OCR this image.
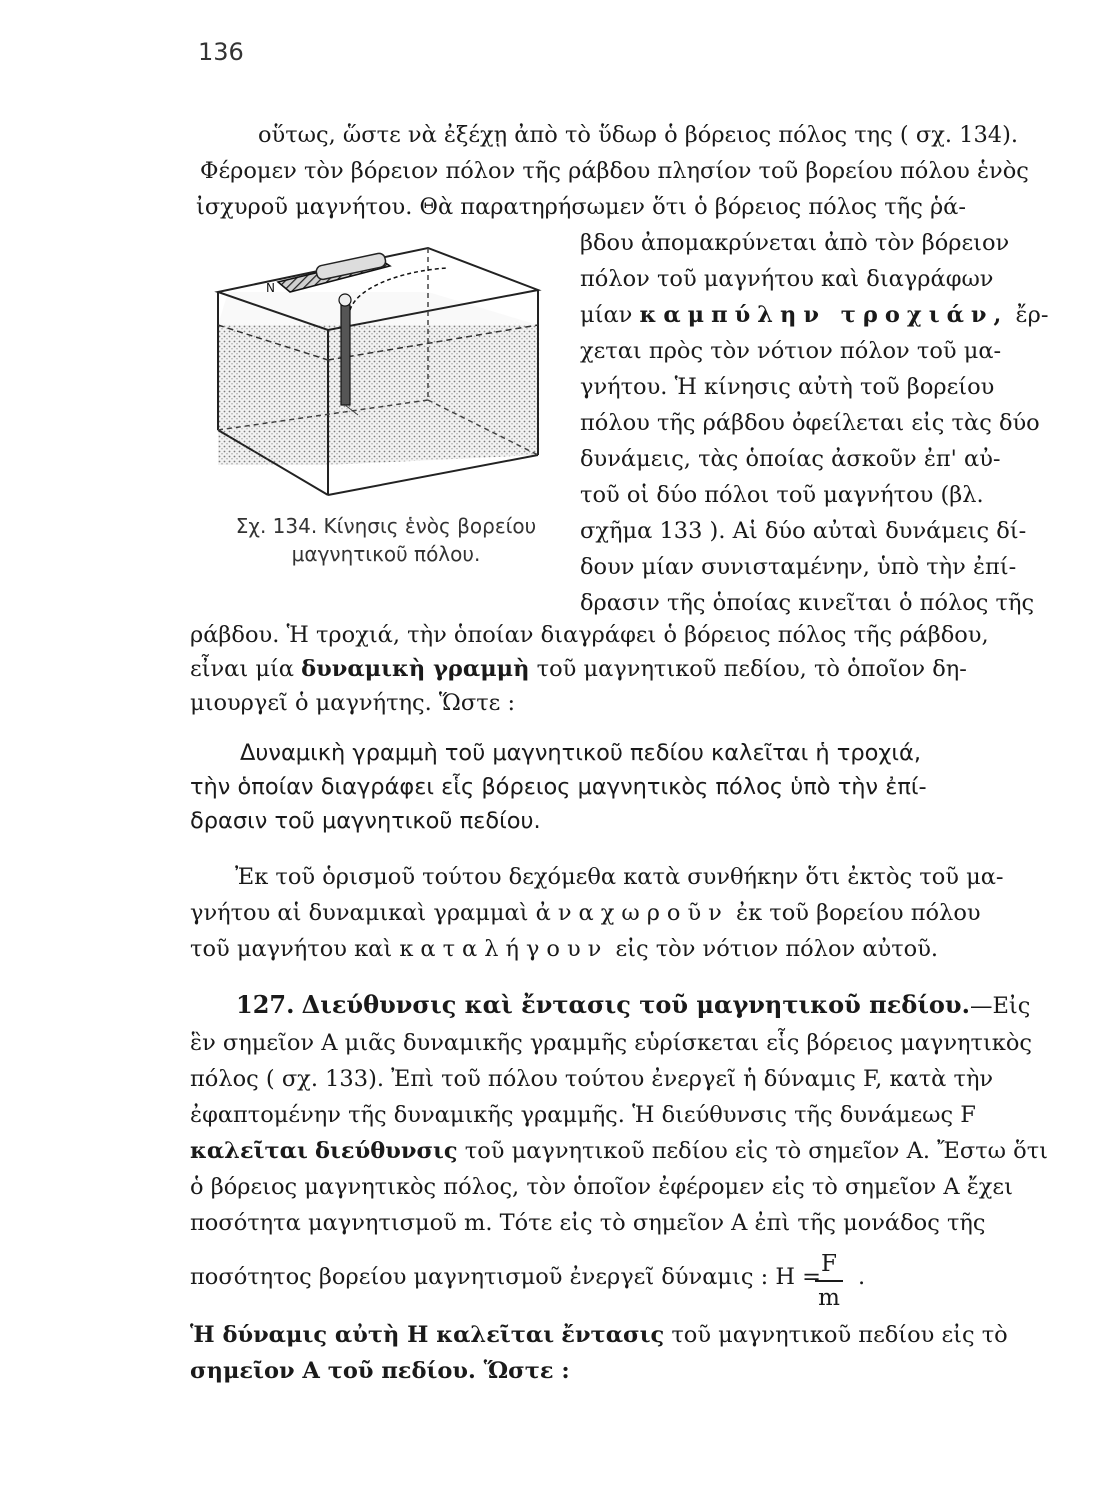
136
οὕτως, ὥστε νὰ ἐξέχῃ ἀπὸ τὸ ὕδωρ ὁ βόρειος πόλος της ( σχ. 134).
Φέρομεν τὸν βόρειον πόλον τῆς ράβδου πλησίον τοῦ βορείου πόλου ἑνὸς
ἰσχυροῦ μαγνήτου. Θὰ παρατηρήσωμεν ὅτι ὁ βόρειος πόλος τῆς ῥά-
βδου ἀπομακρύνεται ἀπὸ τὸν βόρειον
πόλον τοῦ μαγνήτου καὶ διαγράφων
μίαν καμπύλην τροχιάν, ἔρ-
χεται πρὸς τὸν νότιον πόλον τοῦ μα-
γνήτου. Ἡ κίνησις αὐτὴ τοῦ βορείου
πόλου τῆς ράβδου ὀφείλεται εἰς τὰς δύο
δυνάμεις, τὰς ὁποίας ἀσκοῦν ἐπ' αὐ-
τοῦ οἱ δύο πόλοι τοῦ μαγνήτου (βλ.
σχῆμα 133 ). Αἱ δύο αὐταὶ δυνάμεις δί-
δουν μίαν συνισταμένην, ὑπὸ τὴν ἐπί-
δρασιν τῆς ὁποίας κινεῖται ὁ πόλος τῆς
ράβδου. Ἡ τροχιά, τὴν ὁποίαν διαγράφει ὁ βόρειος πόλος τῆς ράβδου,
εἶναι μία δυναμικὴ γραμμὴ τοῦ μαγνητικοῦ πεδίου, τὸ ὁποῖον δη-
μιουργεῖ ὁ μαγνήτης. Ὥστε :
N
Σχ. 134. Κίνησις ἑνὸς βορείου
μαγνητικοῦ πόλου.
Δυναμικὴ γραμμὴ τοῦ μαγνητικοῦ πεδίου καλεῖται ἡ τροχιά,
τὴν ὁποίαν διαγράφει εἷς βόρειος μαγνητικὸς πόλος ὑπὸ τὴν ἐπί-
δρασιν τοῦ μαγνητικοῦ πεδίου.
Ἐκ τοῦ ὁρισμοῦ τούτου δεχόμεθα κατὰ συνθήκην ὅτι ἐκτὸς τοῦ μα-
γνήτου αἱ δυναμικαὶ γραμμαὶ ἀναχωροῦν ἐκ τοῦ βορείου πόλου
τοῦ μαγνήτου καὶ καταλήγουν εἰς τὸν νότιον πόλον αὐτοῦ.
127. Διεύθυνσις καὶ ἔντασις τοῦ μαγνητικοῦ πεδίου.—Εἰς
ἓν σημεῖον Α μιᾶς δυναμικῆς γραμμῆς εὑρίσκεται εἷς βόρειος μαγνητικὸς
πόλος ( σχ. 133). Ἐπὶ τοῦ πόλου τούτου ἐνεργεῖ ἡ δύναμις F, κατὰ τὴν
ἐφαπτομένην τῆς δυναμικῆς γραμμῆς. Ἡ διεύθυνσις τῆς δυνάμεως F
καλεῖται διεύθυνσις τοῦ μαγνητικοῦ πεδίου εἰς τὸ σημεῖον Α. Ἔστω ὅτι
ὁ βόρειος μαγνητικὸς πόλος, τὸν ὁποῖον ἐφέρομεν εἰς τὸ σημεῖον Α ἔχει
ποσότητα μαγνητισμοῦ m. Τότε εἰς τὸ σημεῖον Α ἐπὶ τῆς μονάδος τῆς
ποσότητος βορείου μαγνητισμοῦ ἐνεργεῖ δύναμις : Η =
$\frac{F}{m}$ .
Ἡ δύναμις αὐτὴ Η καλεῖται ἔντασις τοῦ μαγνητικοῦ πεδίου εἰς τὸ
σημεῖον Α τοῦ πεδίου. Ὥστε :
